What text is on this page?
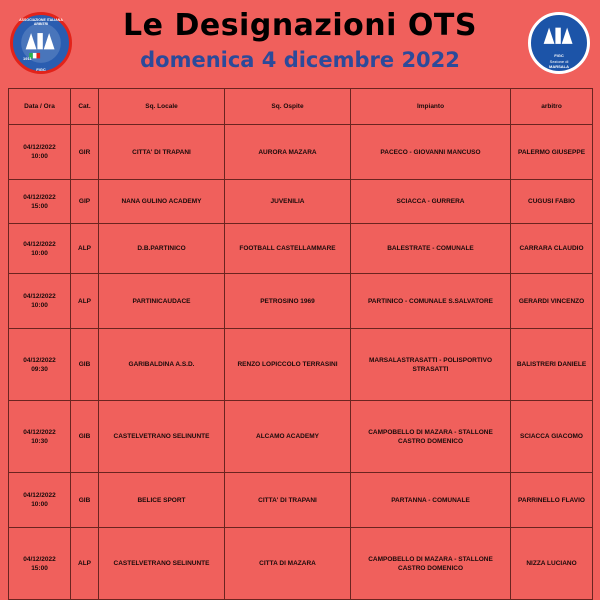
ASSOCIAZIONE ITALIANA ARBITRI
1911
FIGC
FIGC
Sezione di
MARSALA
Le Designazioni OTS
domenica 4 dicembre 2022
Data / Ora	Cat.	Sq. Locale	Sq. Ospite	Impianto	arbitro

04/12/2022
10:00	GIR	CITTA' DI TRAPANI	AURORA MAZARA	PACECO - GIOVANNI MANCUSO	PALERMO GIUSEPPE

04/12/2022
15:00	GIP	NANA GULINO ACADEMY	JUVENILIA	SCIACCA - GURRERA	CUGUSI FABIO

04/12/2022
10:00	ALP	D.B.PARTINICO	FOOTBALL CASTELLAMMARE	BALESTRATE - COMUNALE	CARRARA CLAUDIO

04/12/2022
10:00	ALP	PARTINICAUDACE	PETROSINO 1969	PARTINICO - COMUNALE S.SALVATORE	GERARDI VINCENZO

04/12/2022
09:30	GIB	GARIBALDINA A.S.D.	RENZO LOPICCOLO TERRASINI	MARSALASTRASATTI - POLISPORTIVO STRASATTI	BALISTRERI DANIELE

04/12/2022
10:30	GIB	CASTELVETRANO SELINUNTE	ALCAMO ACADEMY	CAMPOBELLO DI MAZARA - STALLONE CASTRO DOMENICO	SCIACCA GIACOMO

04/12/2022
10:00	GIB	BELICE SPORT	CITTA' DI TRAPANI	PARTANNA - COMUNALE	PARRINELLO FLAVIO

04/12/2022
15:00	ALP	CASTELVETRANO SELINUNTE	CITTA DI MAZARA	CAMPOBELLO DI MAZARA - STALLONE CASTRO DOMENICO	NIZZA LUCIANO
